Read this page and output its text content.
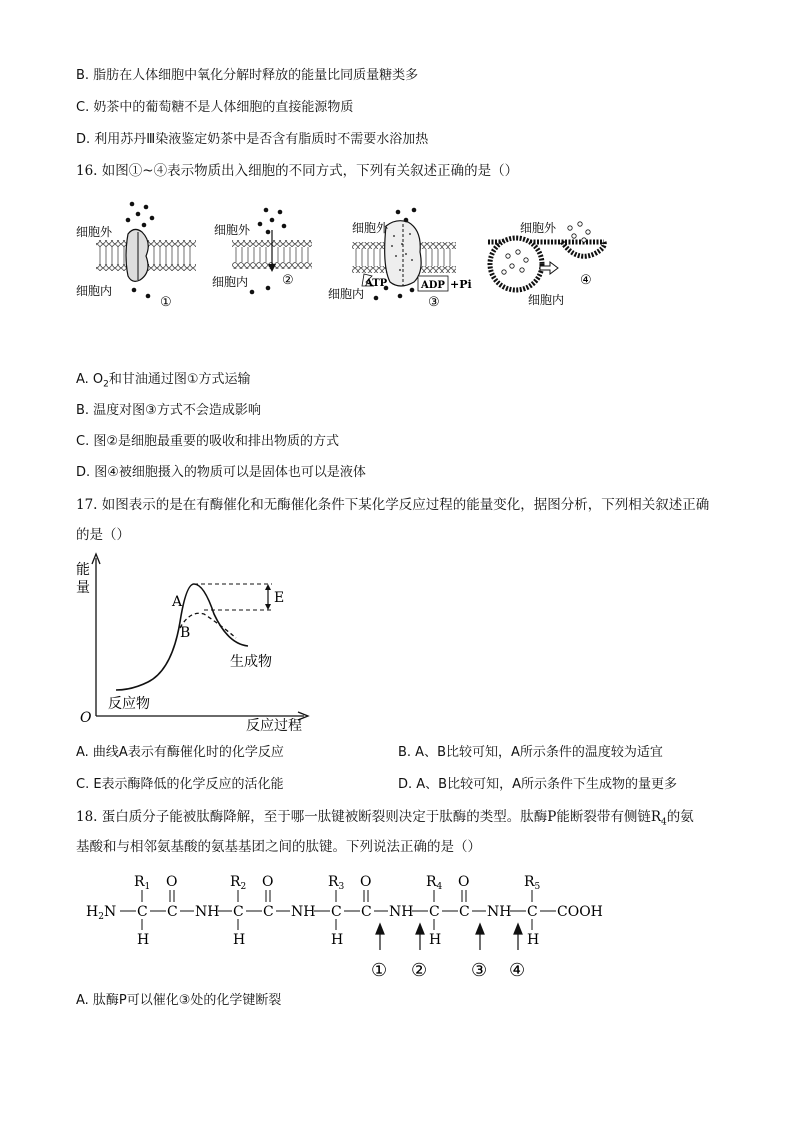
B. 脂肪在人体细胞中氧化分解时释放的能量比同质量糖类多
C. 奶茶中的葡萄糖不是人体细胞的直接能源物质
D. 利用苏丹Ⅲ染液鉴定奶茶中是否含有脂质时不需要水浴加热
16. 如图①~④表示物质出入细胞的不同方式，下列有关叙述正确的是（）
细胞外
细胞内
①
细胞外
细胞内	②
细胞外
细胞内
ATP	ADP +Pi
③
细胞外
细胞内
④
A. $O_2$和甘油通过图①方式运输
B. 温度对图③方式不会造成影响
C. 图②是细胞最重要的吸收和排出物质的方式
D. 图④被细胞摄入的物质可以是固体也可以是液体
17. 如图表示的是在有酶催化和无酶催化条件下某化学反应过程的能量变化，据图分析，下列相关叙述正确
的是（）
能
量
O	反应过程
A
B
E
生成物
反应物
A. 曲线A表示有酶催化时的化学反应	B. A、B比较可知，A所示条件的温度较为适宜
C. E表示酶降低的化学反应的活化能	D. A、B比较可知，A所示条件下生成物的量更多
18. 蛋白质分子能被肽酶降解，至于哪一肽键被断裂则决定于肽酶的类型。肽酶P能断裂带有侧链$R_4$的氨
基酸和与相邻氨基酸的氨基基团之间的肽键。下列说法正确的是（）
$H_2N$ C
$R_1$
H
C
O
NH C
$R_2$
H
C
O
NH C
$R_3$
H
C
O
NH C
$R_4$
H
C
O
NH C
$R_5$
H
COOH
① ② ③ ④
A. 肽酶P可以催化③处的化学键断裂
